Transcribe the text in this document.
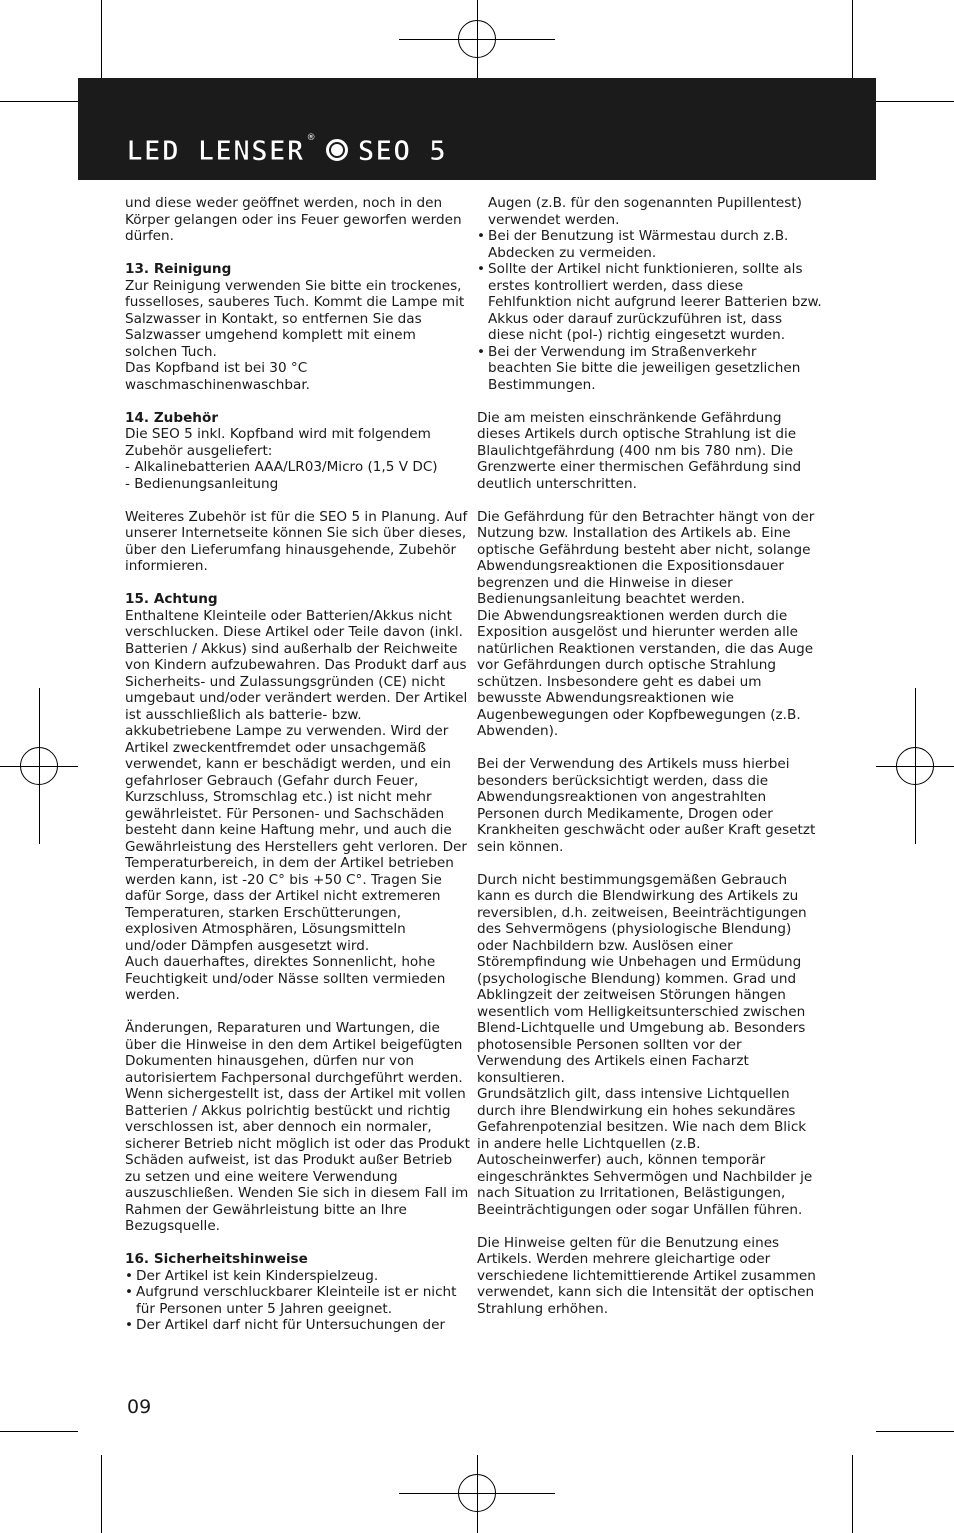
LED LENSER ® SEO 5

und diese weder geöffnet werden, noch in den Körper gelangen oder ins Feuer geworfen werden dürfen.

13. Reinigung

Zur Reinigung verwenden Sie bitte ein trockenes, fusselloses, sauberes Tuch. Kommt die Lampe mit Salzwasser in Kontakt, so entfernen Sie das Salzwasser umgehend komplett mit einem solchen Tuch.

Das Kopfband ist bei 30 °C waschmaschinenwaschbar.

14. Zubehör

Die SEO 5 inkl. Kopfband wird mit folgendem Zubehör ausgeliefert:

- Alkalinebatterien AAA/LR03/Micro (1,5 V DC)

- Bedienungsanleitung

Weiteres Zubehör ist für die SEO 5 in Planung. Auf unserer Internetseite können Sie sich über dieses, über den Lieferumfang hinausgehende, Zubehör informieren.

15. Achtung

Enthaltene Kleinteile oder Batterien/Akkus nicht verschlucken. Diese Artikel oder Teile davon (inkl. Batterien / Akkus) sind außerhalb der Reichweite von Kindern aufzubewahren. Das Produkt darf aus Sicherheits- und Zulassungsgründen (CE) nicht umgebaut und/oder verändert werden. Der Artikel ist ausschließlich als batterie- bzw. akkubetriebene Lampe zu verwenden. Wird der Artikel zweckentfremdet oder unsachgemäß verwendet, kann er beschädigt werden, und ein gefahrloser Gebrauch (Gefahr durch Feuer, Kurzschluss, Stromschlag etc.) ist nicht mehr gewährleistet. Für Personen- und Sachschäden besteht dann keine Haftung mehr, und auch die Gewährleistung des Herstellers geht verloren. Der Temperaturbereich, in dem der Artikel betrieben werden kann, ist -20 C° bis +50 C°. Tragen Sie dafür Sorge, dass der Artikel nicht extremeren Temperaturen, starken Erschütterungen, explosiven Atmosphären, Lösungsmitteln und/oder Dämpfen ausgesetzt wird.

Auch dauerhaftes, direktes Sonnenlicht, hohe Feuchtigkeit und/oder Nässe sollten vermieden werden.

Änderungen, Reparaturen und Wartungen, die über die Hinweise in den dem Artikel beigefügten Dokumenten hinausgehen, dürfen nur von autorisiertem Fachpersonal durchgeführt werden.

Wenn sichergestellt ist, dass der Artikel mit vollen Batterien / Akkus polrichtig bestückt und richtig verschlossen ist, aber dennoch ein normaler, sicherer Betrieb nicht möglich ist oder das Produkt Schäden aufweist, ist das Produkt außer Betrieb zu setzen und eine weitere Verwendung auszuschließen. Wenden Sie sich in diesem Fall im Rahmen der Gewährleistung bitte an Ihre Bezugsquelle.

16. Sicherheitshinweise

• Der Artikel ist kein Kinderspielzeug.

• Aufgrund verschluckbarer Kleinteile ist er nicht für Personen unter 5 Jahren geeignet.

• Der Artikel darf nicht für Untersuchungen der

Augen (z.B. für den sogenannten Pupillentest) verwendet werden.

• Bei der Benutzung ist Wärmestau durch z.B. Abdecken zu vermeiden.

• Sollte der Artikel nicht funktionieren, sollte als erstes kontrolliert werden, dass diese Fehlfunktion nicht aufgrund leerer Batterien bzw. Akkus oder darauf zurückzuführen ist, dass diese nicht (pol-) richtig eingesetzt wurden.

• Bei der Verwendung im Straßenverkehr beachten Sie bitte die jeweiligen gesetzlichen Bestimmungen.

Die am meisten einschränkende Gefährdung dieses Artikels durch optische Strahlung ist die Blaulichtgefährdung (400 nm bis 780 nm). Die Grenzwerte einer thermischen Gefährdung sind deutlich unterschritten.

Die Gefährdung für den Betrachter hängt von der Nutzung bzw. Installation des Artikels ab. Eine optische Gefährdung besteht aber nicht, solange Abwendungsreaktionen die Expositionsdauer begrenzen und die Hinweise in dieser Bedienungsanleitung beachtet werden.

Die Abwendungsreaktionen werden durch die Exposition ausgelöst und hierunter werden alle natürlichen Reaktionen verstanden, die das Auge vor Gefährdungen durch optische Strahlung schützen. Insbesondere geht es dabei um bewusste Abwendungsreaktionen wie Augenbewegungen oder Kopfbewegungen (z.B. Abwenden).

Bei der Verwendung des Artikels muss hierbei besonders berücksichtigt werden, dass die Abwendungsreaktionen von angestrahlten Personen durch Medikamente, Drogen oder Krankheiten geschwächt oder außer Kraft gesetzt sein können.

Durch nicht bestimmungsgemäßen Gebrauch kann es durch die Blendwirkung des Artikels zu reversiblen, d.h. zeitweisen, Beeinträchtigungen des Sehvermögens (physiologische Blendung) oder Nachbildern bzw. Auslösen einer Störempfindung wie Unbehagen und Ermüdung (psychologische Blendung) kommen. Grad und Abklingzeit der zeitweisen Störungen hängen wesentlich vom Helligkeitsunterschied zwischen Blend-Lichtquelle und Umgebung ab. Besonders photosensible Personen sollten vor der Verwendung des Artikels einen Facharzt konsultieren.

Grundsätzlich gilt, dass intensive Lichtquellen durch ihre Blendwirkung ein hohes sekundäres Gefahrenpotenzial besitzen. Wie nach dem Blick in andere helle Lichtquellen (z.B. Autoscheinwerfer) auch, können temporär eingeschränktes Sehvermögen und Nachbilder je nach Situation zu Irritationen, Belästigungen, Beeinträchtigungen oder sogar Unfällen führen.

Die Hinweise gelten für die Benutzung eines Artikels. Werden mehrere gleichartige oder verschiedene lichtemittierende Artikel zusammen verwendet, kann sich die Intensität der optischen Strahlung erhöhen.

09
